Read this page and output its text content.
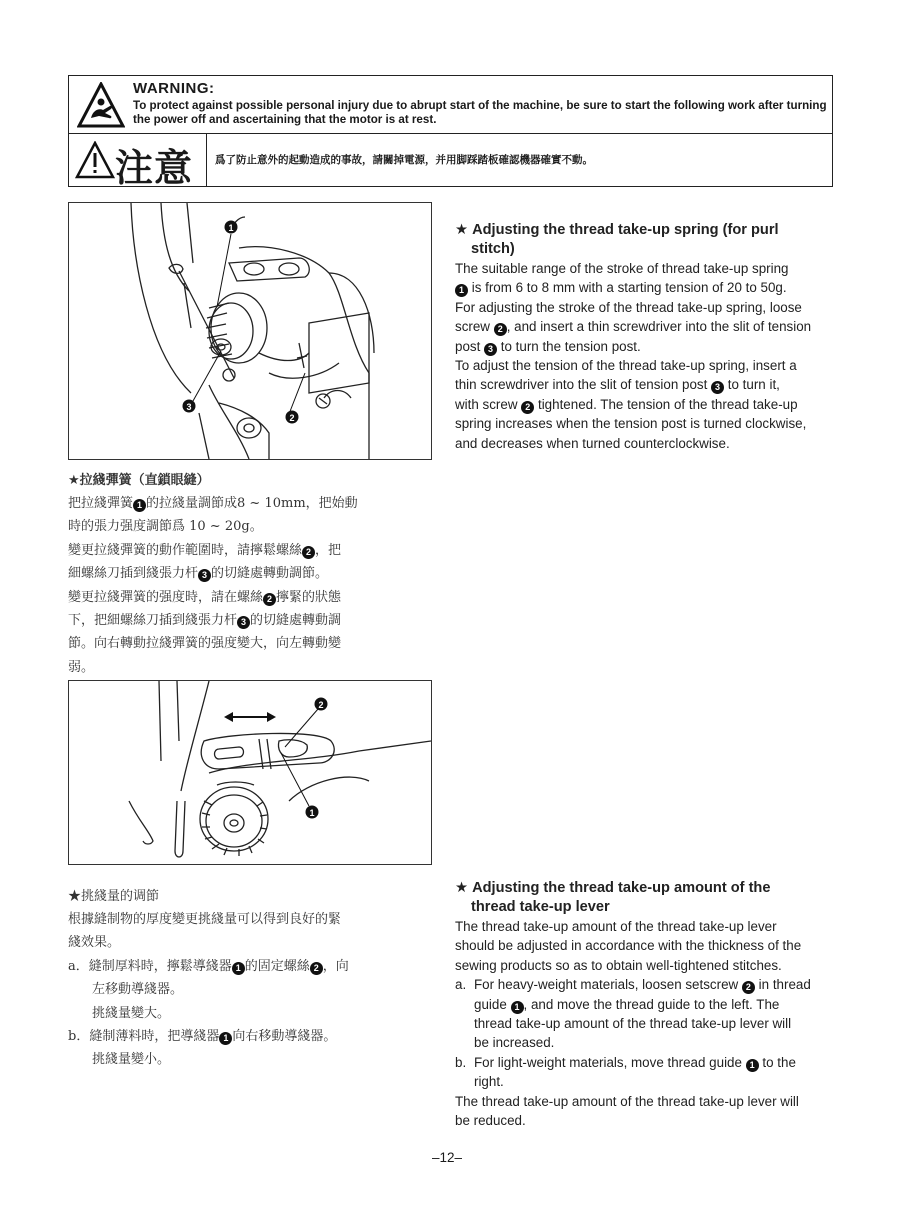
WARNING:
To protect against possible personal injury due to abrupt start of the machine, be sure to start the following work after turning the power off and ascertaining that the motor is at rest.
注意 爲了防止意外的起動造成的事故，請關掉電源，并用脚踩踏板確認機器確實不動。
1
3
2
★ Adjusting the thread take-up spring (for purl
stitch)

The suitable range of the stroke of thread take-up spring
1 is from 6 to 8 mm with a starting tension of 20 to 50g.

For adjusting the stroke of the thread take-up spring, loose
screw 2 , and insert a thin screwdriver into the slit of tension
post 3 to turn the tension post.

To adjust the tension of the thread take-up spring, insert a
thin screwdriver into the slit of tension post 3 to turn it,
with screw 2 tightened. The tension of the thread take-up
spring increases when the tension post is turned clockwise,
and decreases when turned counterclockwise.

★拉綫彈簧（直鎖眼縫）

把拉綫彈簧 1 的拉綫量調節成8 ~ 10mm，把始動
時的張力强度調節爲 10 ~ 20g。
變更拉綫彈簧的動作範圍時，請擰鬆螺絲 2 ，把
細螺絲刀插到綫張力杆 3 的切縫處轉動調節。
變更拉綫彈簧的强度時，請在螺絲 2 擰緊的狀態
下，把細螺絲刀插到綫張力杆 3 的切縫處轉動調
節。向右轉動拉綫彈簧的强度變大，向左轉動變
弱。

2
1
★ Adjusting the thread take-up amount of the
thread take-up lever

The thread take-up amount of the thread take-up lever
should be adjusted in accordance with the thickness of the
sewing products so as to obtain well-tightened stitches.

a. For heavy-weight materials, loosen setscrew 2 in thread
guide 1 , and move the thread guide to the left. The
thread take-up amount of the thread take-up lever will
be increased.
b. For light-weight materials, move thread guide 1 to the
right.

The thread take-up amount of the thread take-up lever will
be reduced.

★挑綫量的调節

根據縫制物的厚度變更挑綫量可以得到良好的緊
綫效果。
a．縫制厚料時，擰鬆導綫器 1 的固定螺絲 2 ，向
左移動導綫器。
挑綫量變大。
b．縫制薄料時，把導綫器 1 向右移動導綫器。
挑綫量變小。

–12–
